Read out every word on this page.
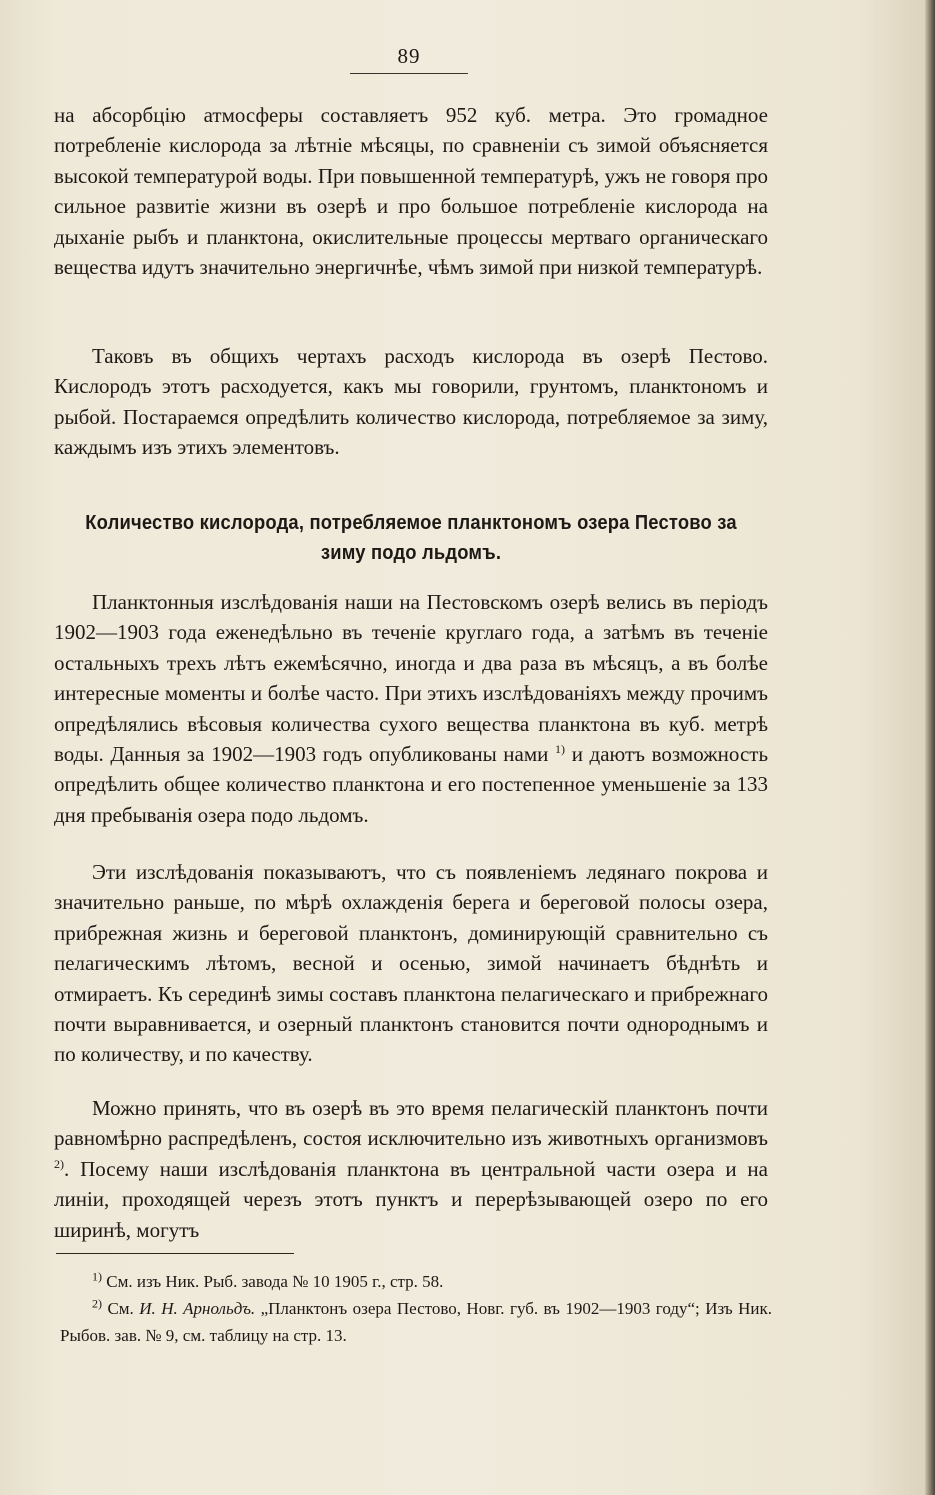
89

на абсорбцію атмосферы составляетъ 952 куб. метра. Это громадное потребленіе кислорода за лѣтніе мѣсяцы, по сравненіи съ зимой объясняется высокой температурой воды. При повышенной температурѣ, ужъ не говоря про сильное развитіе жизни въ озерѣ и про большое потребленіе кислорода на дыханіе рыбъ и планктона, окислительные процессы мертваго органическаго вещества идутъ значительно энергичнѣе, чѣмъ зимой при низкой температурѣ.

Таковъ въ общихъ чертахъ расходъ кислорода въ озерѣ Пестово. Кислородъ этотъ расходуется, какъ мы говорили, грунтомъ, планктономъ и рыбой. Постараемся опредѣлить количество кислорода, потребляемое за зиму, каждымъ изъ этихъ элементовъ.

Количество кислорода, потребляемое планктономъ озера Пестово за
зиму подо льдомъ.

Планктонныя изслѣдованія наши на Пестовскомъ озерѣ велись въ періодъ 1902—1903 года еженедѣльно въ теченіе круглаго года, а затѣмъ въ теченіе остальныхъ трехъ лѣтъ ежемѣсячно, иногда и два раза въ мѣсяцъ, а въ болѣе интересные моменты и болѣе часто. При этихъ изслѣдованіяхъ между прочимъ опредѣлялись вѣсовыя количества сухого вещества планктона въ куб. метрѣ воды. Данныя за 1902—1903 годъ опубликованы нами $^{1)}$ и даютъ возможность опредѣлить общее количество планктона и его постепенное уменьшеніе за 133 дня пребыванія озера подо льдомъ.

Эти изслѣдованія показываютъ, что съ появленіемъ ледянаго покрова и значительно раньше, по мѣрѣ охлажденія берега и береговой полосы озера, прибрежная жизнь и береговой планктонъ, доминирующій сравнительно съ пелагическимъ лѣтомъ, весной и осенью, зимой начинаетъ бѣднѣть и отмираетъ. Къ серединѣ зимы составъ планктона пелагическаго и прибрежнаго почти выравнивается, и озерный планктонъ становится почти однороднымъ и по количеству, и по качеству.

Можно принять, что въ озерѣ въ это время пелагическій планктонъ почти равномѣрно распредѣленъ, состоя исключительно изъ животныхъ организмовъ $^{2)}$. Посему наши изслѣдованія планктона въ центральной части озера и на линіи, проходящей черезъ этотъ пунктъ и перерѣзывающей озеро по его ширинѣ, могутъ

$^{1)}$ См. изъ Ник. Рыб. завода № 10 1905 г., стр. 58.

$^{2)}$ См. И. Н. Арнольдъ. „Планктонъ озера Пестово, Новг. губ. въ 1902—1903 году“; Изъ Ник. Рыбов. зав. № 9, см. таблицу на стр. 13.
